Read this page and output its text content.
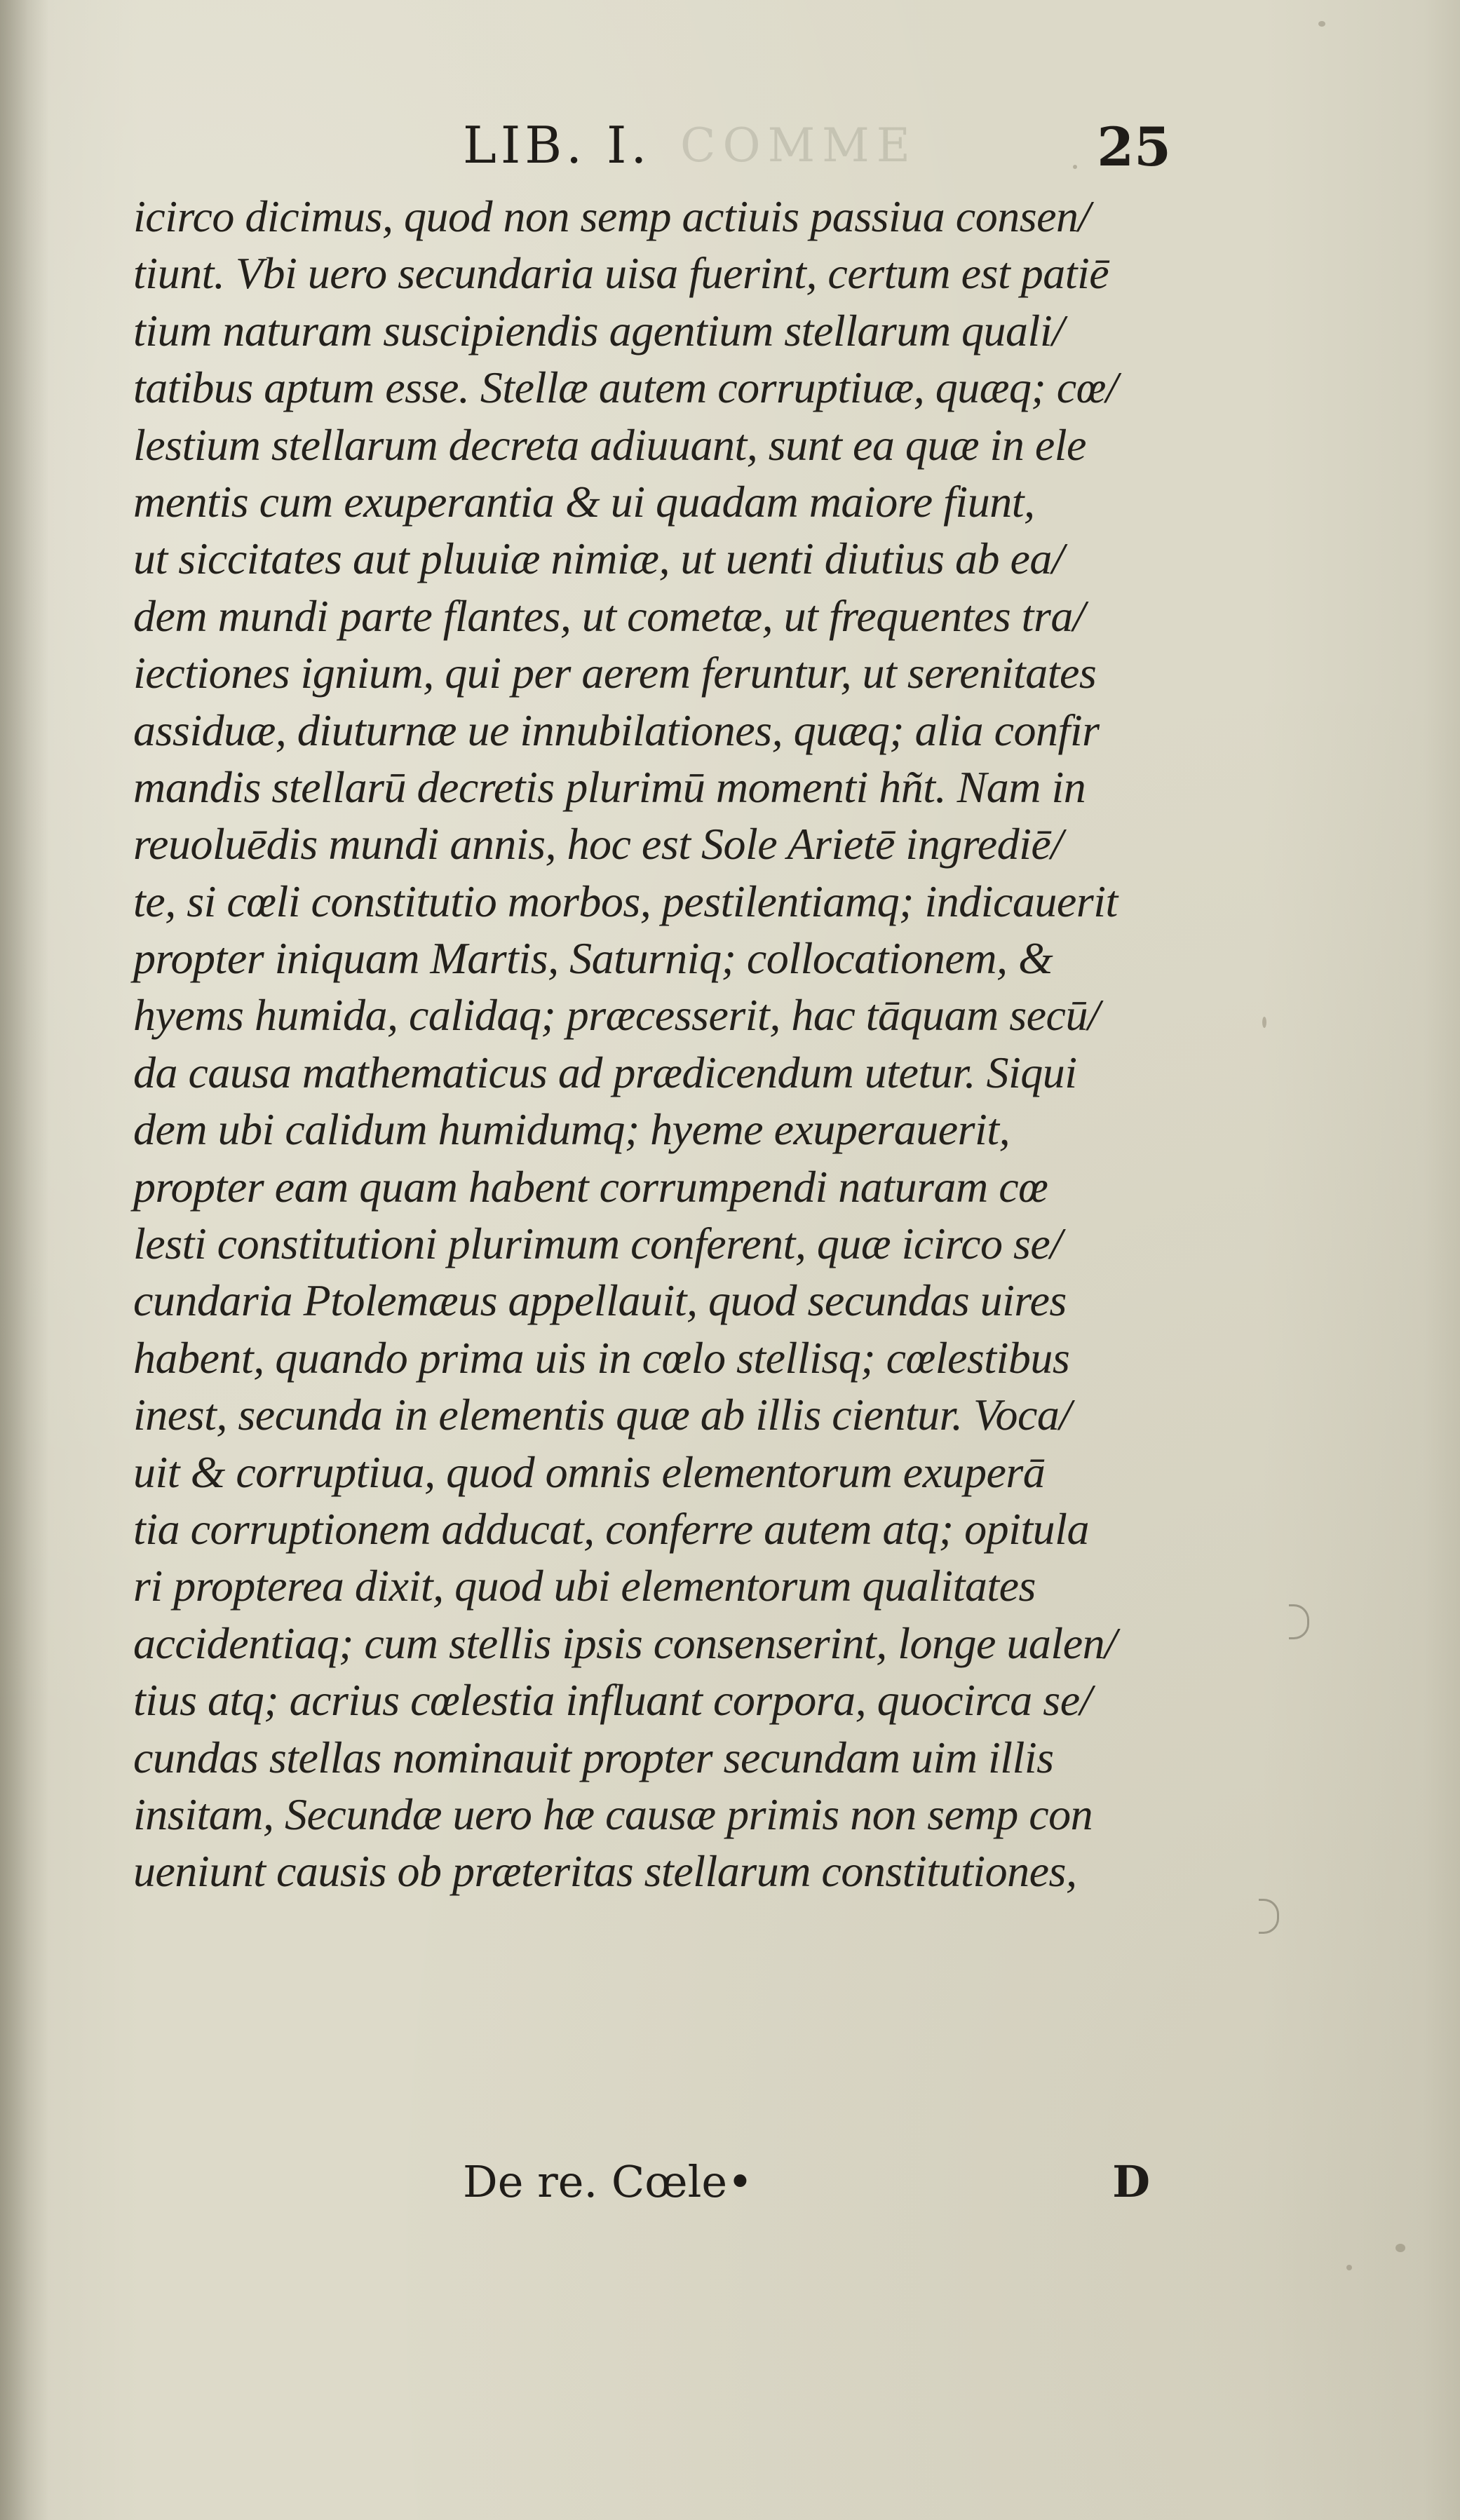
COMME
LIB. I.	25
icirco dicimus, quod non semp actiuis passiua consen/
tiunt. Vbi uero secundaria uisa fuerint, certum est patiē
tium naturam suscipiendis agentium stellarum quali/
tatibus aptum esse. Stellæ autem corruptiuæ, quæq; cœ/
lestium stellarum decreta adiuuant, sunt ea quæ in ele
mentis cum exuperantia & ui quadam maiore fiunt,
ut siccitates aut pluuiæ nimiæ, ut uenti diutius ab ea/
dem mundi parte flantes, ut cometæ, ut frequentes tra/
iectiones ignium, qui per aerem feruntur, ut serenitates
assiduæ, diuturnæ ue innubilationes, quæq; alia confir
mandis stellarū decretis plurimū momenti hñt. Nam in
reuoluēdis mundi annis, hoc est Sole Arietē ingrediē/
te, si cœli constitutio morbos, pestilentiamq; indicauerit
propter iniquam Martis, Saturniq; collocationem, &
hyems humida, calidaq; præcesserit, hac tāquam secū/
da causa mathematicus ad prædicendum utetur. Siqui
dem ubi calidum humidumq; hyeme exuperauerit,
propter eam quam habent corrumpendi naturam cœ
lesti constitutioni plurimum conferent, quæ icirco se/
cundaria Ptolemæus appellauit, quod secundas uires
habent, quando prima uis in cœlo stellisq; cœlestibus
inest, secunda in elementis quæ ab illis cientur. Voca/
uit & corruptiua, quod omnis elementorum exuperā
tia corruptionem adducat, conferre autem atq; opitula
ri propterea dixit, quod ubi elementorum qualitates
accidentiaq; cum stellis ipsis consenserint, longe ualen/
tius atq; acrius cœlestia influant corpora, quocirca se/
cundas stellas nominauit propter secundam uim illis
insitam, Secundæ uero hæ causæ primis non semp con
ueniunt causis ob præteritas stellarum constitutiones,
De re. Cœle•	D
